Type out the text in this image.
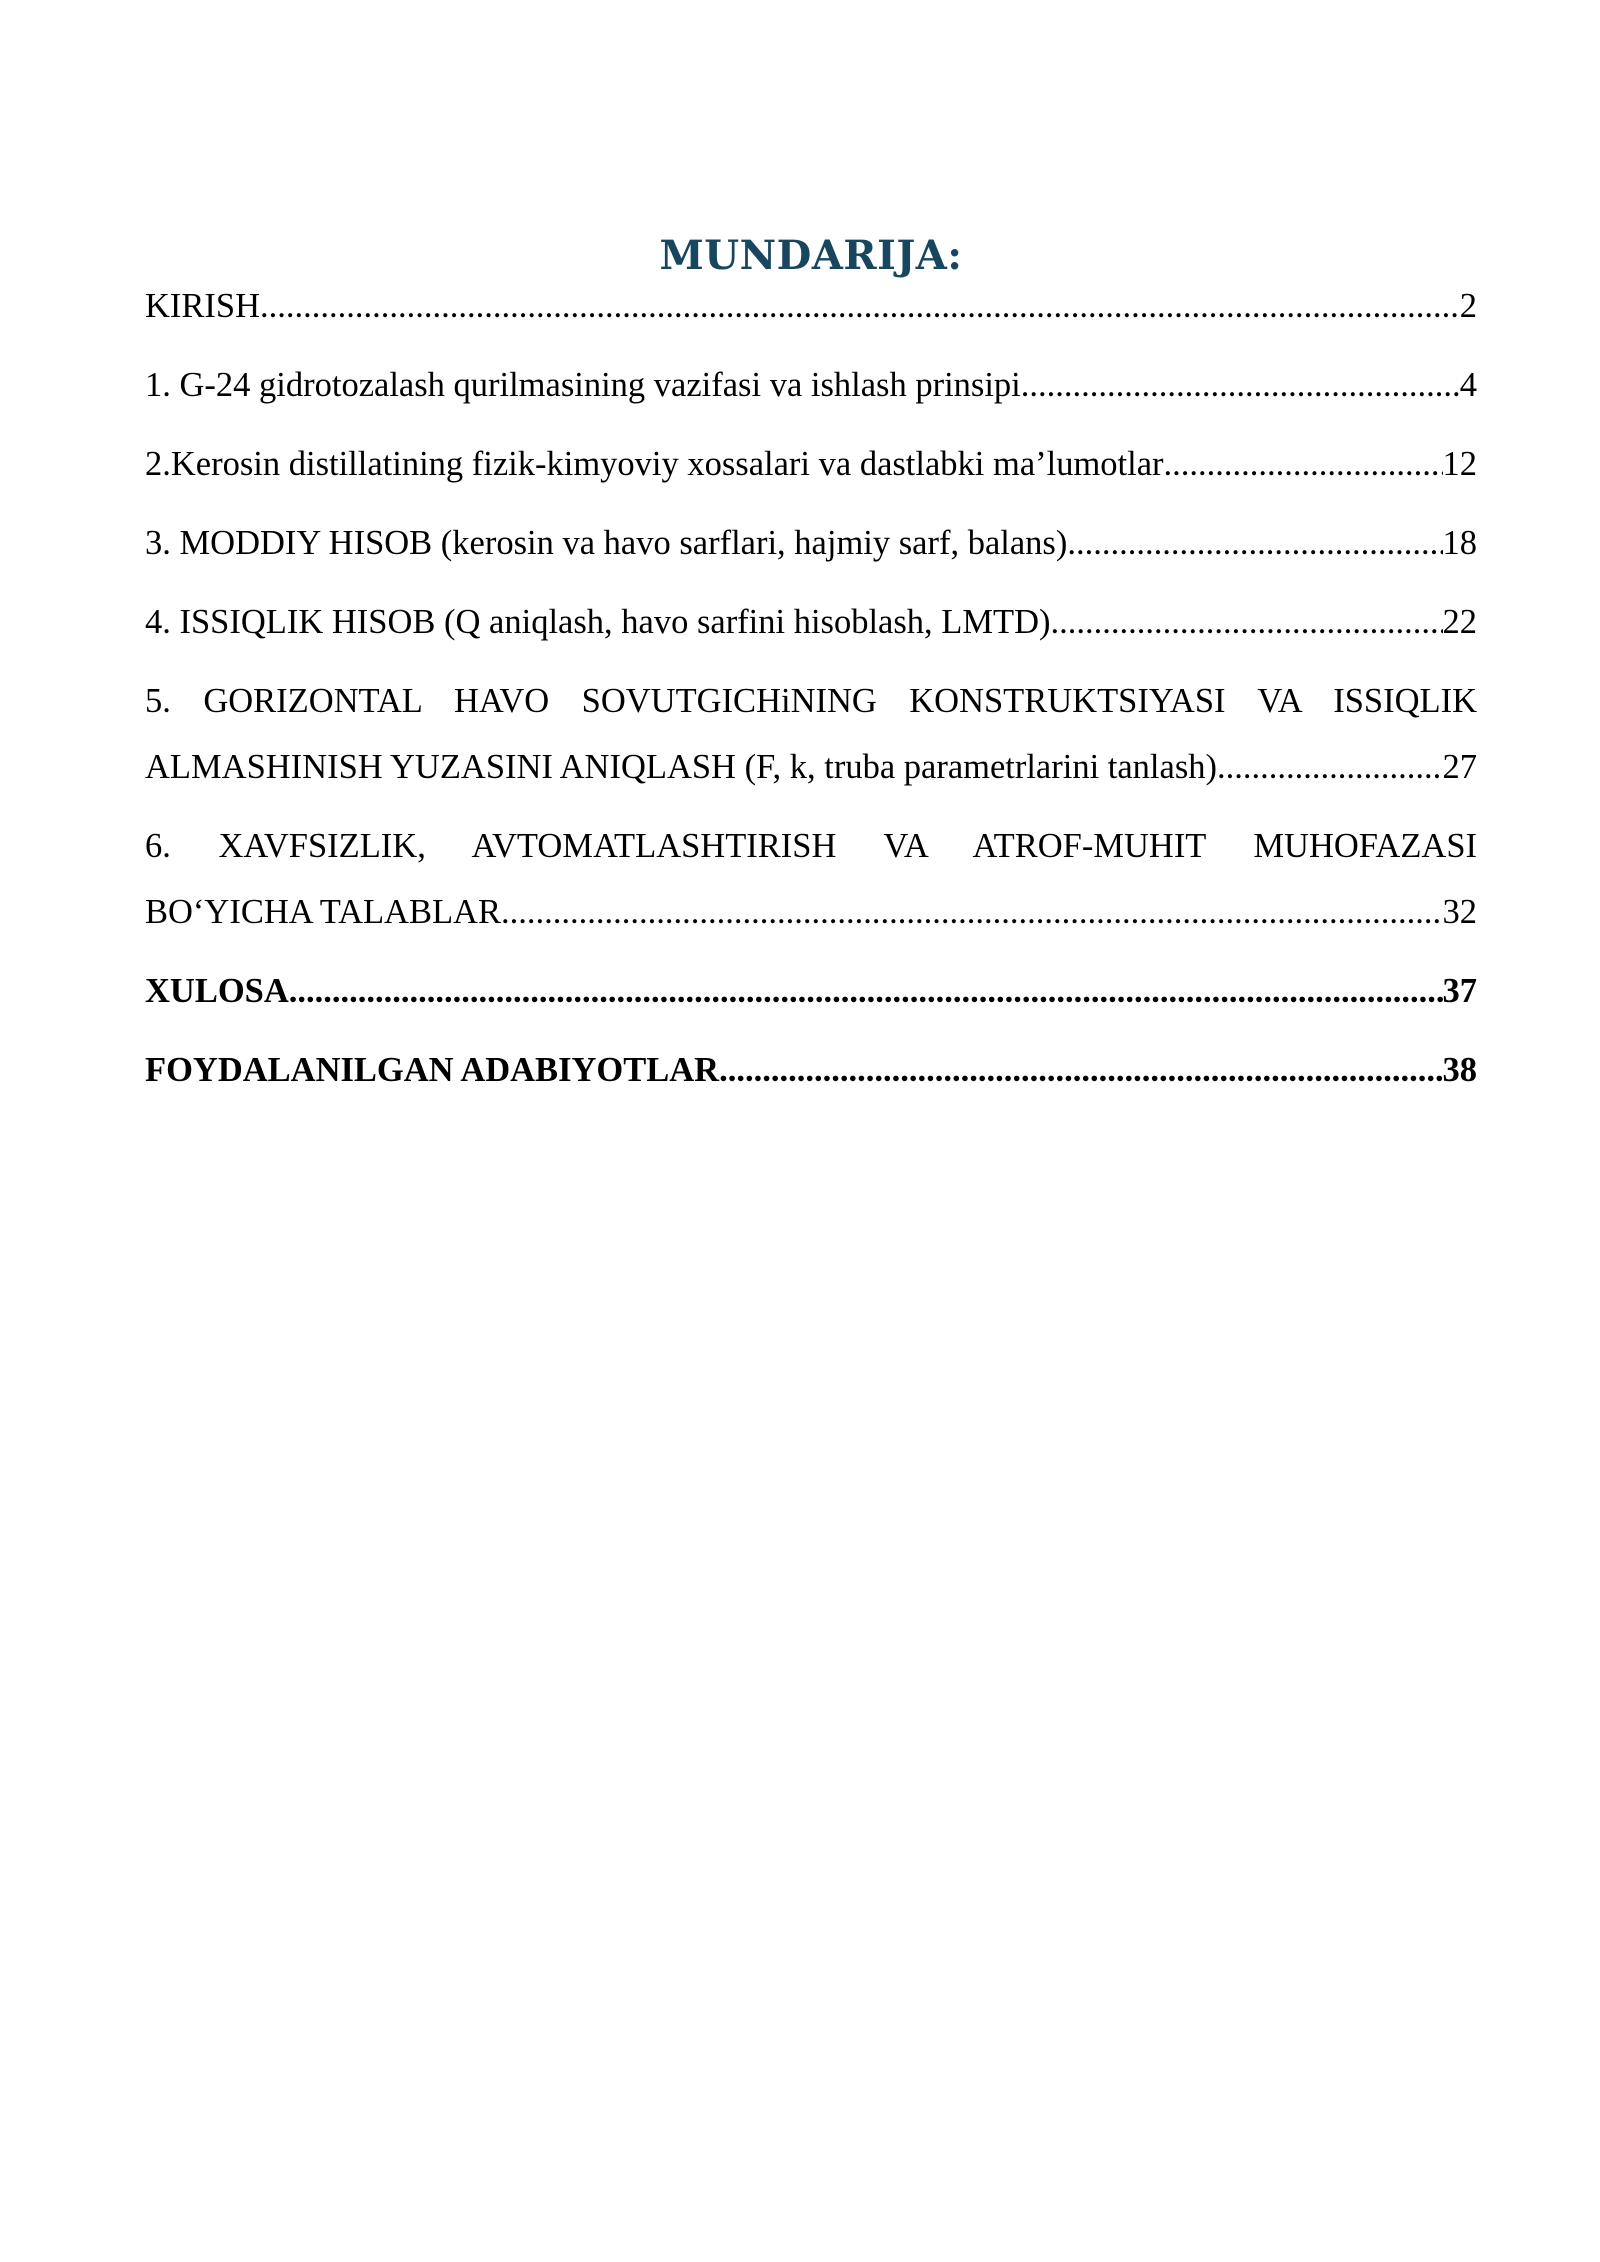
MUNDARIJA:
KIRISH .....	2
1. G-24 gidrotozalash qurilmasining vazifasi va ishlash prinsipi .....	4
2.Kerosin distillatining fizik-kimyoviy xossalari va dastlabki ma’lumotlar .....	12
3. MODDIY HISOB (kerosin va havo sarflari, hajmiy sarf, balans) .....	18
4. ISSIQLIK HISOB (Q aniqlash, havo sarfini hisoblash, LMTD) .....	22
5. GORIZONTAL HAVO SOVUTGICHiNING KONSTRUKTSIYASI VA ISSIQLIK
ALMASHINISH YUZASINI ANIQLASH (F, k, truba parametrlarini tanlash) .....	27
6. XAVFSIZLIK, AVTOMATLASHTIRISH VA ATROF-MUHIT MUHOFAZASI
BO‘YICHA TALABLAR .....	32
XULOSA .....	37
FOYDALANILGAN ADABIYOTLAR .....	38
